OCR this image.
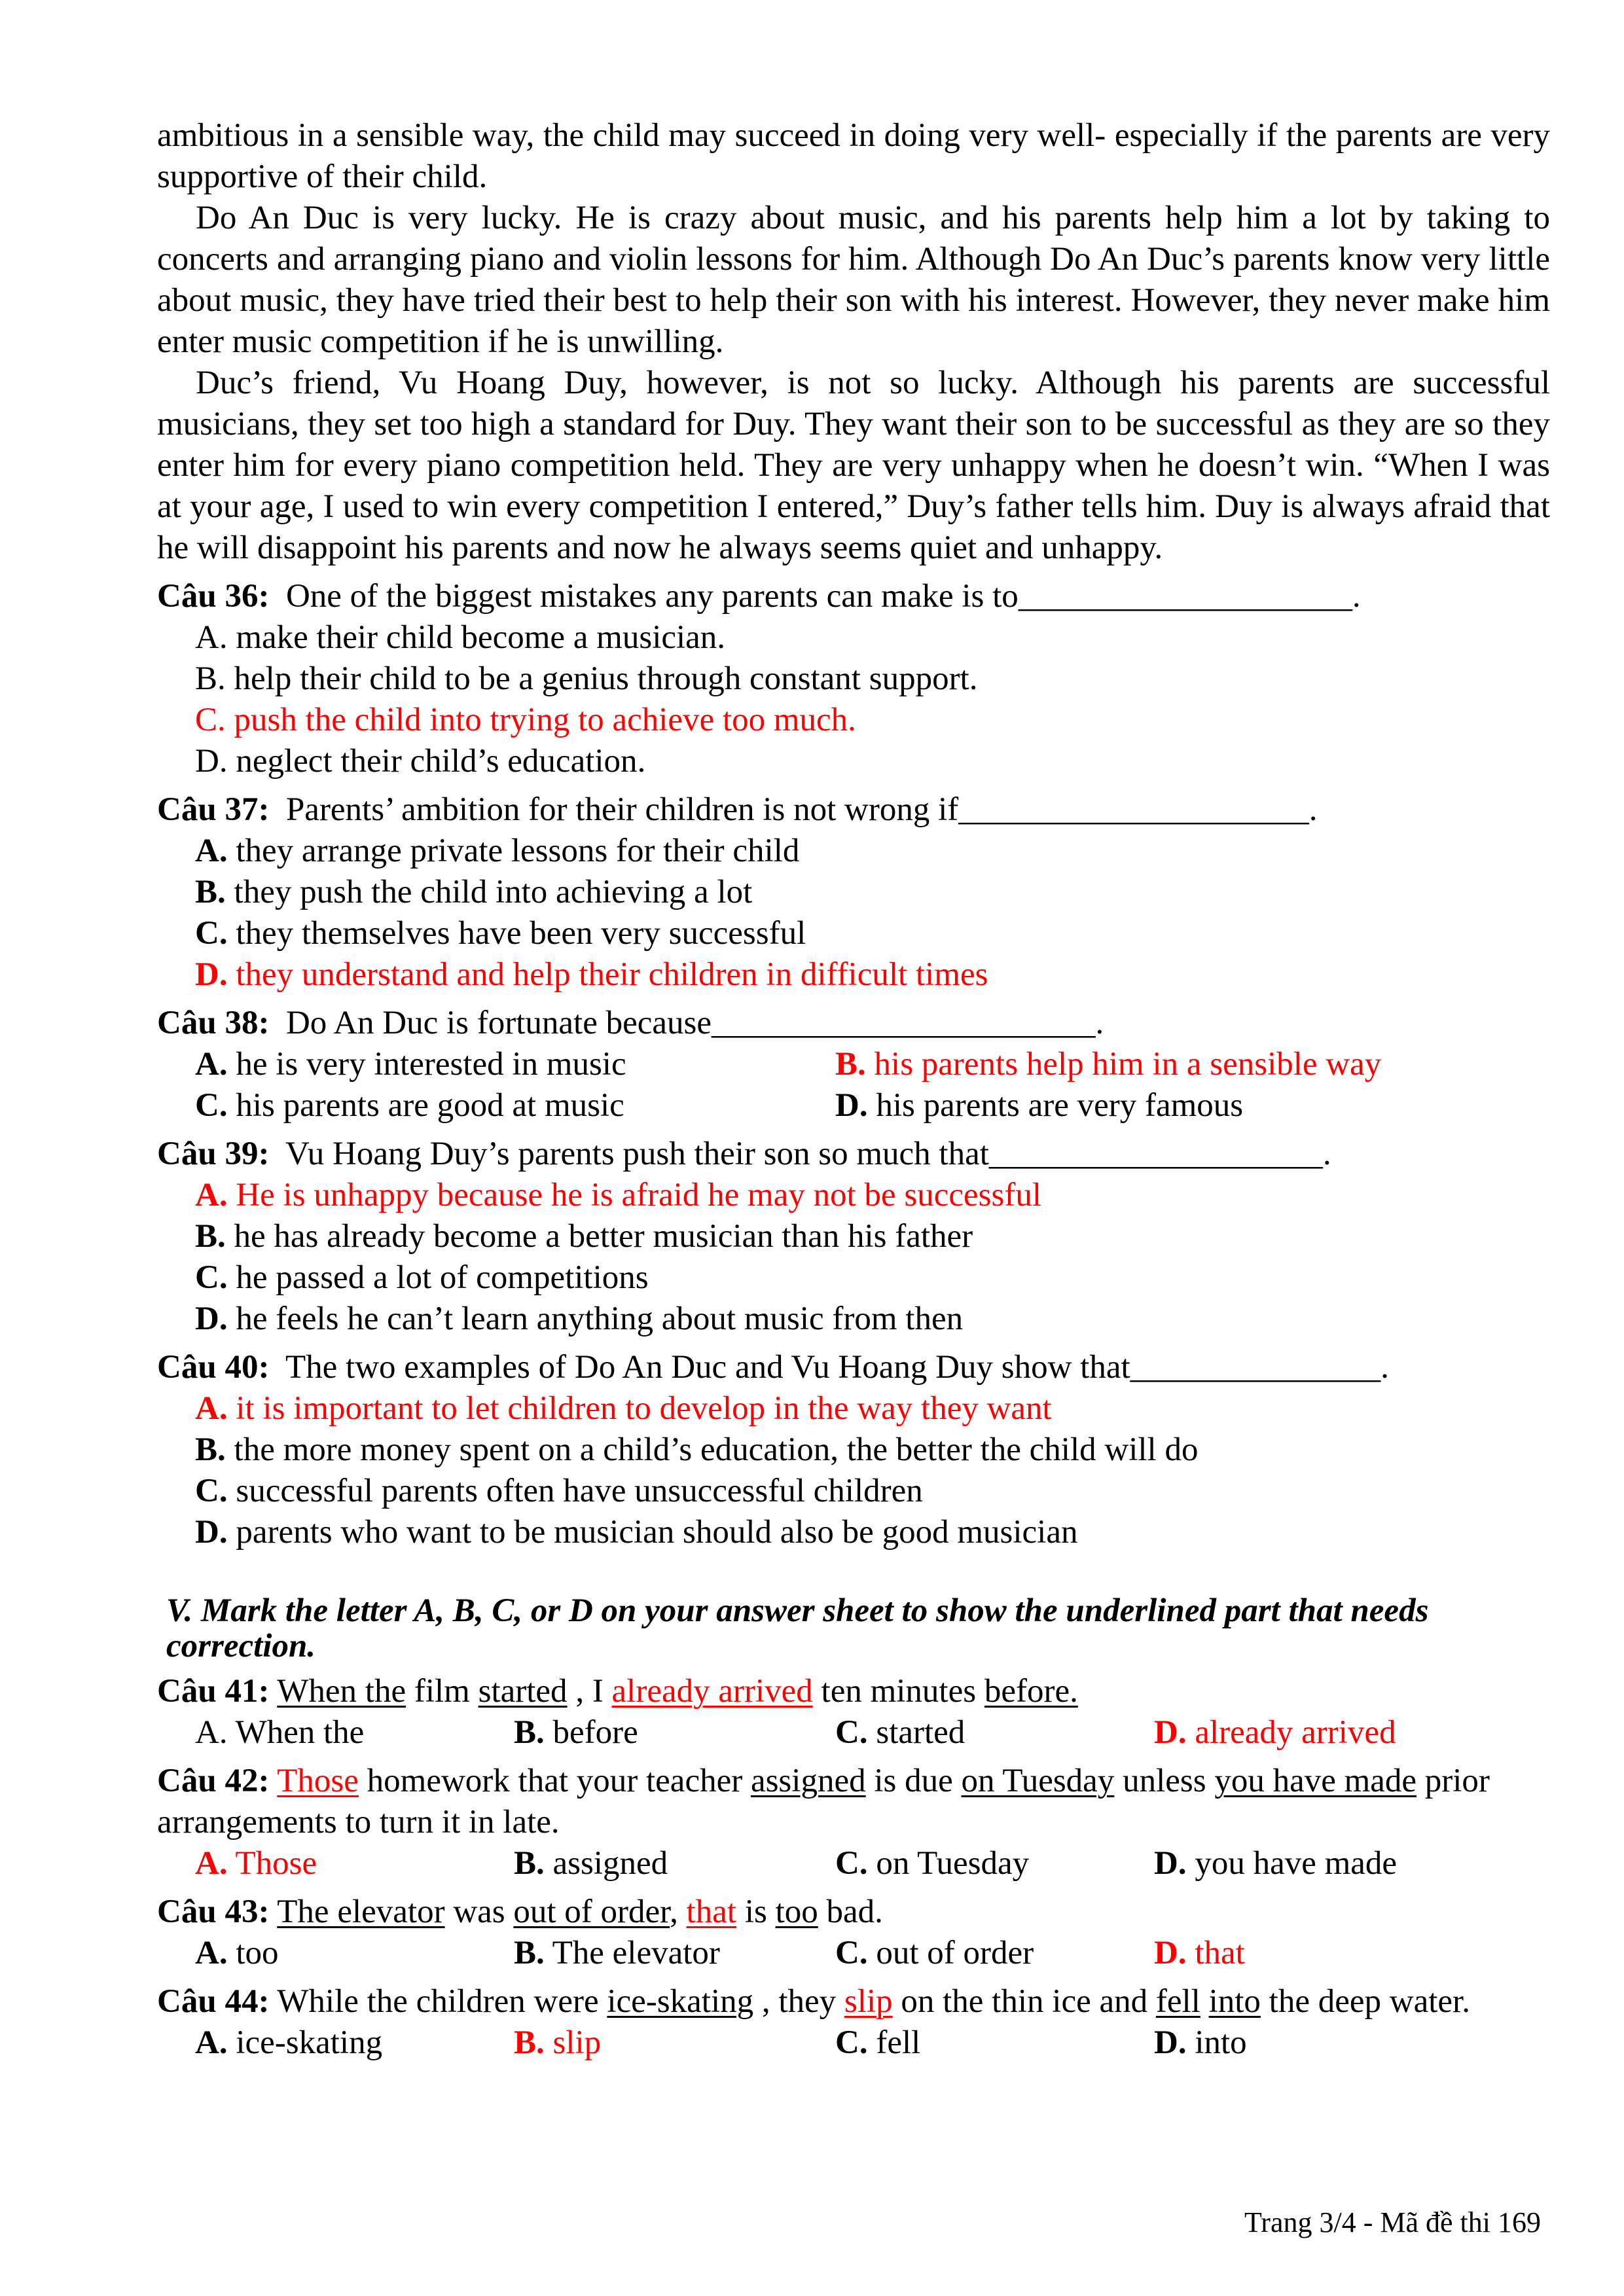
ambitious in a sensible way, the child may succeed in doing very well- especially if the parents are very supportive of their child.

Do An Duc is very lucky. He is crazy about music, and his parents help him a lot by taking to concerts and arranging piano and violin lessons for him. Although Do An Duc’s parents know very little about music, they have tried their best to help their son with his interest. However, they never make him enter music competition if he is unwilling.

Duc’s friend, Vu Hoang Duy, however, is not so lucky. Although his parents are successful musicians, they set too high a standard for Duy. They want their son to be successful as they are so they enter him for every piano competition held. They are very unhappy when he doesn’t win. “When I was at your age, I used to win every competition I entered,” Duy’s father tells him. Duy is always afraid that he will disappoint his parents and now he always seems quiet and unhappy.

Câu 36:  One of the biggest mistakes any parents can make is to____________________.
A. make their child become a musician.
B. help their child to be a genius through constant support.
C. push the child into trying to achieve too much.
D. neglect their child’s education.
Câu 37:  Parents’ ambition for their children is not wrong if_____________________.
A. they arrange private lessons for their child
B. they push the child into achieving a lot
C. they themselves have been very successful
D. they understand and help their children in difficult times
Câu 38:  Do An Duc is fortunate because_______________________.
A. he is very interested in music	B. his parents help him in a sensible way
C. his parents are good at music	D. his parents are very famous
Câu 39:  Vu Hoang Duy’s parents push their son so much that____________________.
A. He is unhappy because he is afraid he may not be successful
B. he has already become a better musician than his father
C. he passed a lot of competitions
D. he feels he can’t learn anything about music from then
Câu 40:  The two examples of Do An Duc and Vu Hoang Duy show that_______________.
A. it is important to let children to develop in the way they want
B. the more money spent on a child’s education, the better the child will do
C. successful parents often have unsuccessful children
D. parents who want to be musician should also be good musician
V. Mark the letter A, B, C, or D on your answer sheet to show the underlined part that needs correction.
Câu 41: When the film started , I already arrived ten minutes before.
A. When the	B. before	C. started	D. already arrived
Câu 42: Those homework that your teacher assigned is due on Tuesday unless you have made prior arrangements to turn it in late.
A. Those	B. assigned	C. on Tuesday	D. you have made
Câu 43: The elevator was out of order, that is too bad.
A. too	B. The elevator	C. out of order	D. that
Câu 44: While the children were ice-skating , they slip on the thin ice and fell into the deep water.
A. ice-skating	B. slip	C. fell	D. into
Trang 3/4 - Mã đề thi 169
